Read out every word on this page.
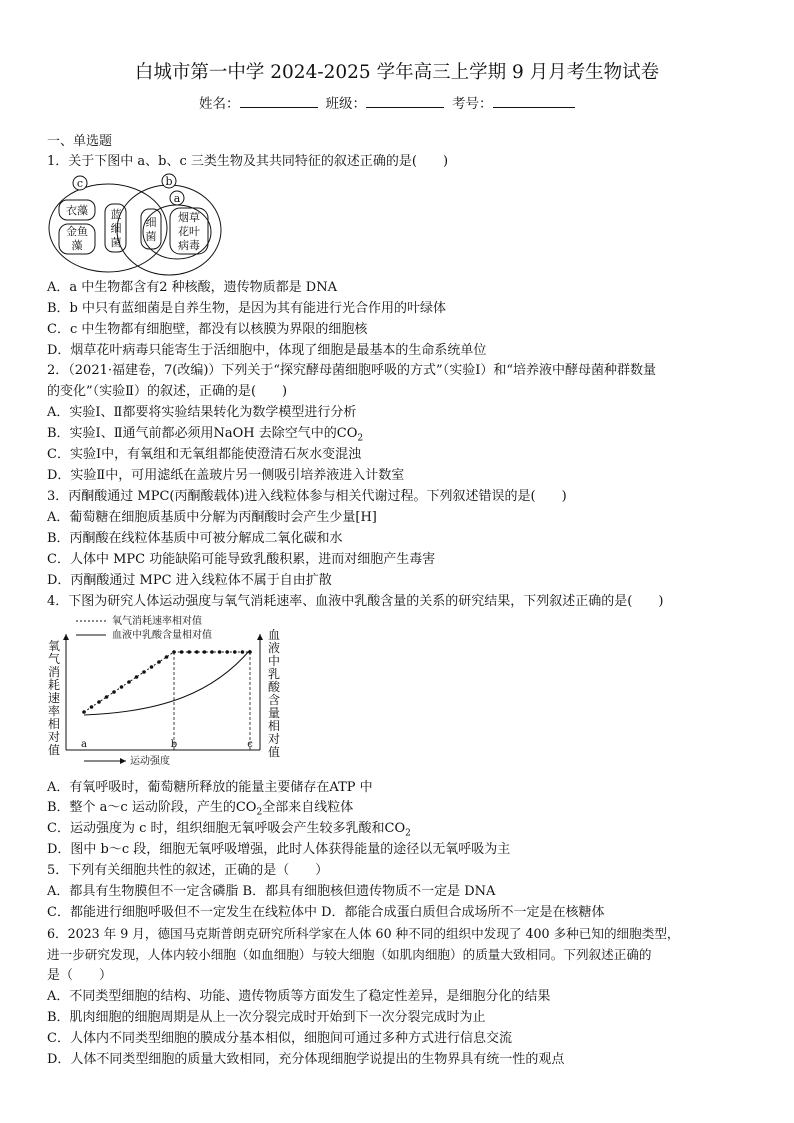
白城市第一中学 2024-2025 学年高三上学期 9 月月考生物试卷
姓名：	班级：	考号：
一、单选题
1．关于下图中 a、b、c 三类生物及其共同特征的叙述正确的是(　　)
c	b
a
衣藻
金鱼藻
蓝细菌
细菌
烟草花叶病毒
A．a 中生物都含有2 种核酸，遗传物质都是 DNA
B．b 中只有蓝细菌是自养生物，是因为其有能进行光合作用的叶绿体
C．c 中生物都有细胞壁，都没有以核膜为界限的细胞核
D．烟草花叶病毒只能寄生于活细胞中，体现了细胞是最基本的生命系统单位
2．（2021·福建卷，7(改编)）下列关于“探究酵母菌细胞呼吸的方式”（实验Ⅰ）和“培养液中酵母菌种群数量
的变化”（实验Ⅱ）的叙述，正确的是(　　)
A．实验Ⅰ、Ⅱ都要将实验结果转化为数学模型进行分析
B．实验Ⅰ、Ⅱ通气前都必须用NaOH 去除空气中的$CO_2$
C．实验Ⅰ中，有氧组和无氧组都能使澄清石灰水变混浊
D．实验Ⅱ中，可用滤纸在盖玻片另一侧吸引培养液进入计数室
3．丙酮酸通过 MPC(丙酮酸载体)进入线粒体参与相关代谢过程。下列叙述错误的是(　　)
A．葡萄糖在细胞质基质中分解为丙酮酸时会产生少量[H]
B．丙酮酸在线粒体基质中可被分解成二氧化碳和水
C．人体中 MPC 功能缺陷可能导致乳酸积累，进而对细胞产生毒害
D．丙酮酸通过 MPC 进入线粒体不属于自由扩散
4．下图为研究人体运动强度与氧气消耗速率、血液中乳酸含量的关系的研究结果，下列叙述正确的是(　　)
氧气消耗速率相对值
血液中乳酸含量相对值
运动强度
a	b	c
氧气消耗速率相对值
血液中乳酸含量相对值
A．有氧呼吸时，葡萄糖所释放的能量主要储存在ATP 中
B．整个 a～c 运动阶段，产生的$CO_2$全部来自线粒体
C．运动强度为 c 时，组织细胞无氧呼吸会产生较多乳酸和$CO_2$
D．图中 b～c 段，细胞无氧呼吸增强，此时人体获得能量的途径以无氧呼吸为主
5．下列有关细胞共性的叙述，正确的是（　　）
A．都具有生物膜但不一定含磷脂 B．都具有细胞核但遗传物质不一定是 DNA
C．都能进行细胞呼吸但不一定发生在线粒体中 D．都能合成蛋白质但合成场所不一定是在核糖体
6．2023 年 9 月，德国马克斯普朗克研究所科学家在人体 60 种不同的组织中发现了 400 多种已知的细胞类型，
进一步研究发现，人体内较小细胞（如血细胞）与较大细胞（如肌肉细胞）的质量大致相同。下列叙述正确的
是（　　）
A．不同类型细胞的结构、功能、遗传物质等方面发生了稳定性差异，是细胞分化的结果
B．肌肉细胞的细胞周期是从上一次分裂完成时开始到下一次分裂完成时为止
C．人体内不同类型细胞的膜成分基本相似，细胞间可通过多种方式进行信息交流
D．人体不同类型细胞的质量大致相同，充分体现细胞学说提出的生物界具有统一性的观点
